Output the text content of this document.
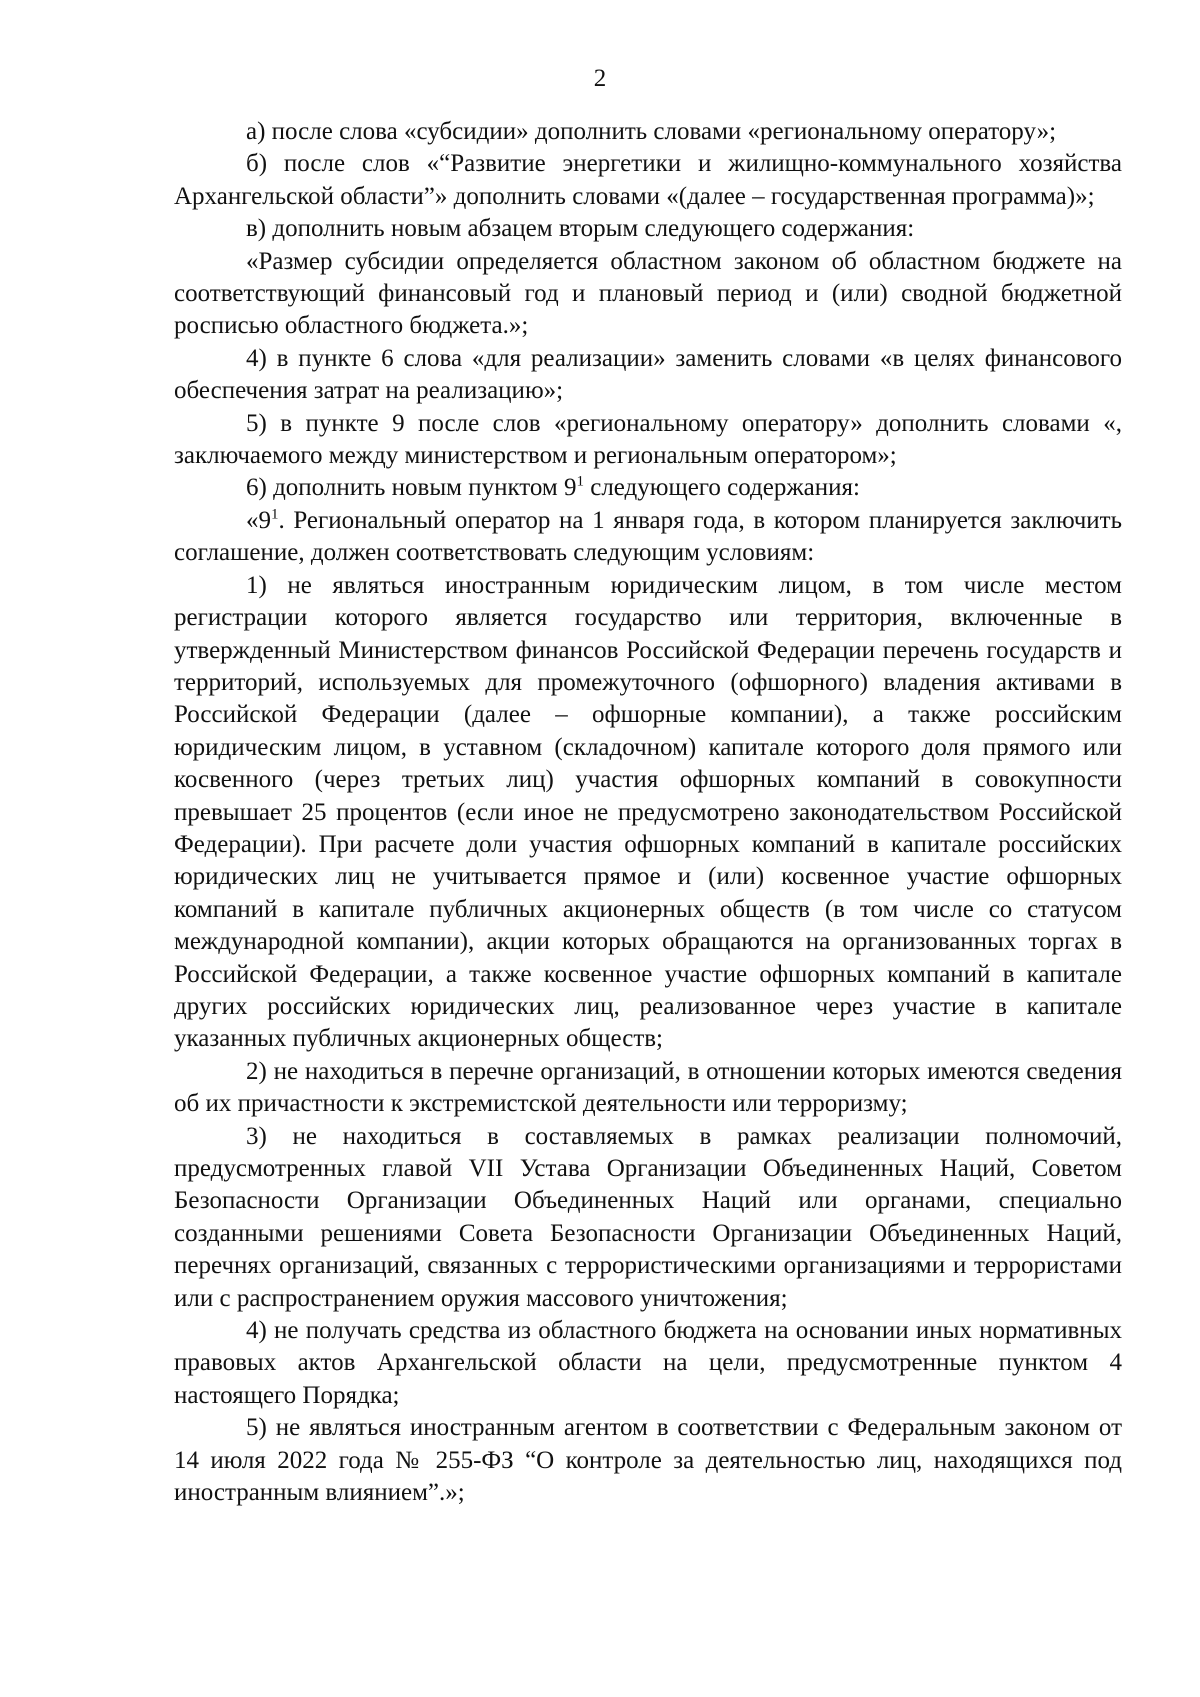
2

а) после слова «субсидии» дополнить словами «региональному оператору»;

б) после слов «“Развитие энергетики и жилищно-коммунального хозяйства Архангельской области”» дополнить словами «(далее – государственная программа)»;

в) дополнить новым абзацем вторым следующего содержания:

«Размер субсидии определяется областном законом об областном бюджете на соответствующий финансовый год и плановый период и (или) сводной бюджетной росписью областного бюджета.»;

4) в пункте 6 слова «для реализации» заменить словами «в целях финансового обеспечения затрат на реализацию»;

5) в пункте 9 после слов «региональному оператору» дополнить словами «, заключаемого между министерством и региональным оператором»;

6) дополнить новым пунктом $9^1$ следующего содержания:

«$9^1$. Региональный оператор на 1 января года, в котором планируется заключить соглашение, должен соответствовать следующим условиям:

1) не являться иностранным юридическим лицом, в том числе местом регистрации которого является государство или территория, включенные в утвержденный Министерством финансов Российской Федерации перечень государств и территорий, используемых для промежуточного (офшорного) владения активами в Российской Федерации (далее – офшорные компании), а также российским юридическим лицом, в уставном (складочном) капитале которого доля прямого или косвенного (через третьих лиц) участия офшорных компаний в совокупности превышает 25 процентов (если иное не предусмотрено законодательством Российской Федерации). При расчете доли участия офшорных компаний в капитале российских юридических лиц не учитывается прямое и (или) косвенное участие офшорных компаний в капитале публичных акционерных обществ (в том числе со статусом международной компании), акции которых обращаются на организованных торгах в Российской Федерации, а также косвенное участие офшорных компаний в капитале других российских юридических лиц, реализованное через участие в капитале указанных публичных акционерных обществ;

2) не находиться в перечне организаций, в отношении которых имеются сведения об их причастности к экстремистской деятельности или терроризму;

3) не находиться в составляемых в рамках реализации полномочий, предусмотренных главой VII Устава Организации Объединенных Наций, Советом Безопасности Организации Объединенных Наций или органами, специально созданными решениями Совета Безопасности Организации Объединенных Наций, перечнях организаций, связанных с террористическими организациями и террористами или с распространением оружия массового уничтожения;

4) не получать средства из областного бюджета на основании иных нормативных правовых актов Архангельской области на цели, предусмотренные пунктом 4 настоящего Порядка;

5) не являться иностранным агентом в соответствии с Федеральным законом от 14 июля 2022 года № 255-ФЗ “О контроле за деятельностью лиц, находящихся под иностранным влиянием”.»;
